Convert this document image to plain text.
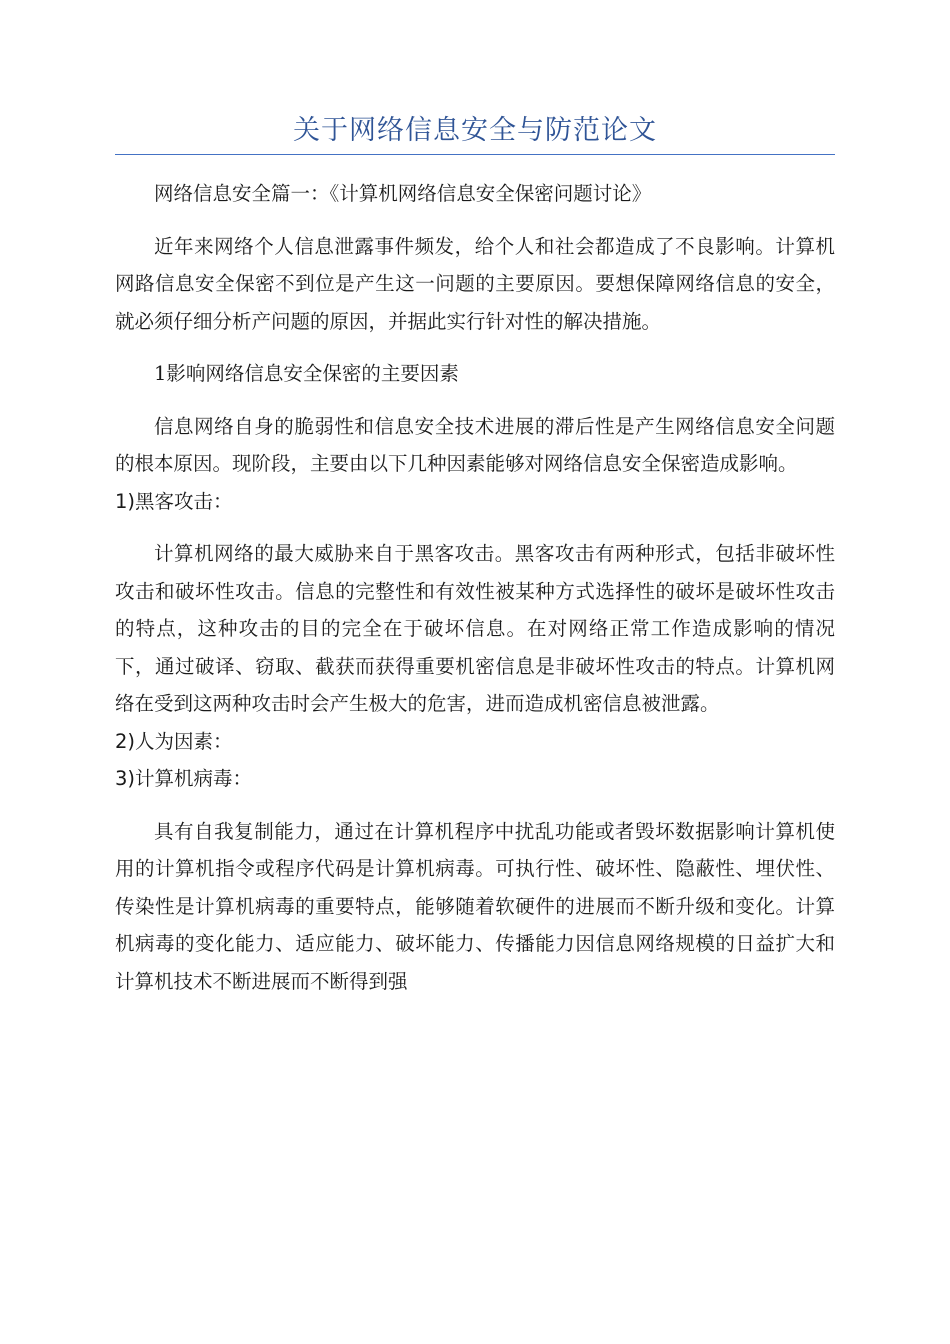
关于网络信息安全与防范论文

网络信息安全篇一：《计算机网络信息安全保密问题讨论》

近年来网络个人信息泄露事件频发，给个人和社会都造成了不良影响。计算机网路信息安全保密不到位是产生这一问题的主要原因。要想保障网络信息的安全，就必须仔细分析产问题的原因，并据此实行针对性的解决措施。

1影响网络信息安全保密的主要因素

信息网络自身的脆弱性和信息安全技术进展的滞后性是产生网络信息安全问题的根本原因。现阶段，主要由以下几种因素能够对网络信息安全保密造成影响。

1)黑客攻击：

计算机网络的最大威胁来自于黑客攻击。黑客攻击有两种形式，包括非破坏性攻击和破坏性攻击。信息的完整性和有效性被某种方式选择性的破坏是破坏性攻击的特点，这种攻击的目的完全在于破坏信息。在对网络正常工作造成影响的情况下，通过破译、窃取、截获而获得重要机密信息是非破坏性攻击的特点。计算机网络在受到这两种攻击时会产生极大的危害，进而造成机密信息被泄露。

2)人为因素：

3)计算机病毒：

具有自我复制能力，通过在计算机程序中扰乱功能或者毁坏数据影响计算机使用的计算机指令或程序代码是计算机病毒。可执行性、破坏性、隐蔽性、埋伏性、传染性是计算机病毒的重要特点，能够随着软硬件的进展而不断升级和变化。计算机病毒的变化能力、适应能力、破坏能力、传播能力因信息网络规模的日益扩大和计算机技术不断进展而不断得到强
